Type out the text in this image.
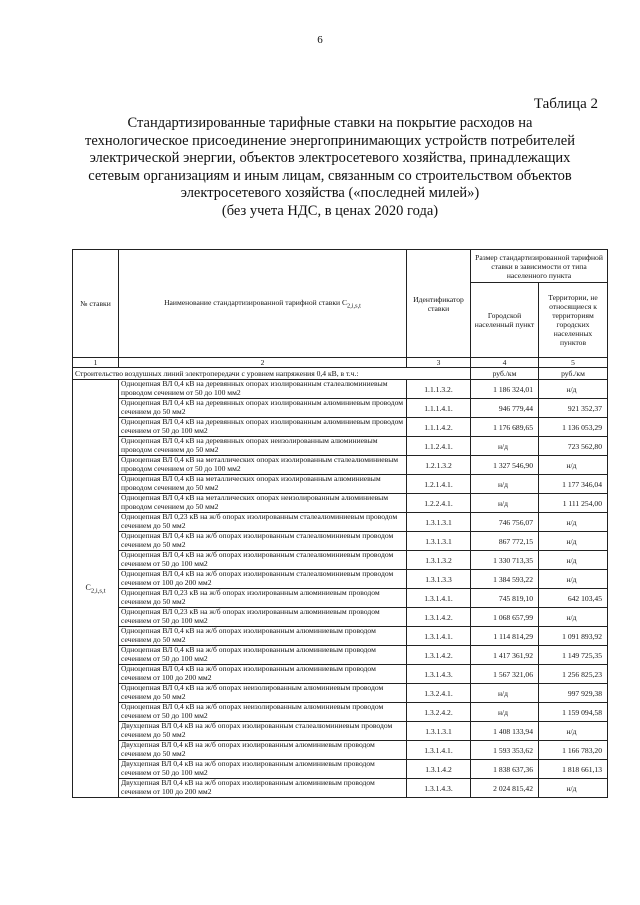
6
Таблица 2
Стандартизированные тарифные ставки на покрытие расходов на
технологическое присоединение энергопринимающих устройств потребителей
электрической энергии, объектов электросетевого хозяйства, принадлежащих
сетевым организациям и иным лицам, связанным со строительством объектов
электросетевого хозяйства («последней милей»)
(без учета НДС, в ценах 2020 года)
№ ставки	Наименование стандартизированной тарифной ставки $C_{2,i,s,t}$	Идентификатор ставки	Размер стандартизированной тарифной ставки в зависимости от типа населенного пункта	
			Городской населенный пункт	Территории, не относящиеся к территориям городских населенных пунктов
1	2	3	4	5
Строительство воздушных линий электропередачи с уровнем напряжения 0,4 кВ, в т.ч.:			руб./км	руб./км
$C_{2,i,s,t}$	Одноцепная ВЛ 0,4 кВ на деревянных опорах изолированным сталеалюминиевым проводом сечением от 50 до 100 мм2	1.1.1.3.2.	1 186 324,01	н/д
	Одноцепная ВЛ 0,4 кВ на деревянных опорах изолированным алюминиевым проводом сечением до 50 мм2	1.1.1.4.1.	946 779,44	921 352,37
	Одноцепная ВЛ 0,4 кВ на деревянных опорах изолированным алюминиевым проводом сечением от 50 до 100 мм2	1.1.1.4.2.	1 176 689,65	1 136 053,29
	Одноцепная ВЛ 0,4 кВ на деревянных опорах неизолированным алюминиевым проводом сечением до 50 мм2	1.1.2.4.1.	н/д	723 562,80
	Одноцепная ВЛ 0,4 кВ на металлических опорах изолированным сталеалюминиевым проводом сечением от 50 до 100 мм2	1.2.1.3.2	1 327 546,90	н/д
	Одноцепная ВЛ 0,4 кВ на металлических опорах изолированным алюминиевым проводом сечением до 50 мм2	1.2.1.4.1.	н/д	1 177 346,04
	Одноцепная ВЛ 0,4 кВ на металлических опорах неизолированным алюминиевым проводом сечением до 50 мм2	1.2.2.4.1.	н/д	1 111 254,00
	Одноцепная ВЛ 0,23 кВ на ж/б опорах изолированным сталеалюминиевым проводом сечением до 50 мм2	1.3.1.3.1	746 756,07	н/д
	Одноцепная ВЛ 0,4 кВ на ж/б опорах изолированным сталеалюминиевым проводом сечением до 50 мм2	1.3.1.3.1	867 772,15	н/д
	Одноцепная ВЛ 0,4 кВ на ж/б опорах изолированным сталеалюминиевым проводом сечением от 50 до 100 мм2	1.3.1.3.2	1 330 713,35	н/д
	Одноцепная ВЛ 0,4 кВ на ж/б опорах изолированным сталеалюминиевым проводом сечением от 100 до 200 мм2	1.3.1.3.3	1 384 593,22	н/д
	Одноцепная ВЛ 0,23 кВ на ж/б опорах изолированным алюминиевым проводом сечением до 50 мм2	1.3.1.4.1.	745 819,10	642 103,45
	Одноцепная ВЛ 0,23 кВ на ж/б опорах изолированным алюминиевым проводом сечением от 50 до 100 мм2	1.3.1.4.2.	1 068 657,99	н/д
	Одноцепная ВЛ 0,4 кВ на ж/б опорах изолированным алюминиевым проводом сечением до 50 мм2	1.3.1.4.1.	1 114 814,29	1 091 893,92
	Одноцепная ВЛ 0,4 кВ на ж/б опорах изолированным алюминиевым проводом сечением от 50 до 100 мм2	1.3.1.4.2.	1 417 361,92	1 149 725,35
	Одноцепная ВЛ 0,4 кВ на ж/б опорах изолированным алюминиевым проводом сечением от 100 до 200 мм2	1.3.1.4.3.	1 567 321,06	1 256 825,23
	Одноцепная ВЛ 0,4 кВ на ж/б опорах неизолированным алюминиевым проводом сечением до 50 мм2	1.3.2.4.1.	н/д	997 929,38
	Одноцепная ВЛ 0,4 кВ на ж/б опорах неизолированным алюминиевым проводом сечением от 50 до 100 мм2	1.3.2.4.2.	н/д	1 159 094,58
	Двухцепная ВЛ 0,4 кВ на ж/б опорах изолированным сталеалюминиевым проводом сечением до 50 мм2	1.3.1.3.1	1 408 133,94	н/д
	Двухцепная ВЛ 0,4 кВ на ж/б опорах изолированным алюминиевым проводом сечением до 50 мм2	1.3.1.4.1.	1 593 353,62	1 166 783,20
	Двухцепная ВЛ 0,4 кВ на ж/б опорах изолированным алюминиевым проводом сечением от 50 до 100 мм2	1.3.1.4.2	1 838 637,36	1 818 661,13
	Двухцепная ВЛ 0,4 кВ на ж/б опорах изолированным алюминиевым проводом сечением от 100 до 200 мм2	1.3.1.4.3.	2 024 815,42	н/д
